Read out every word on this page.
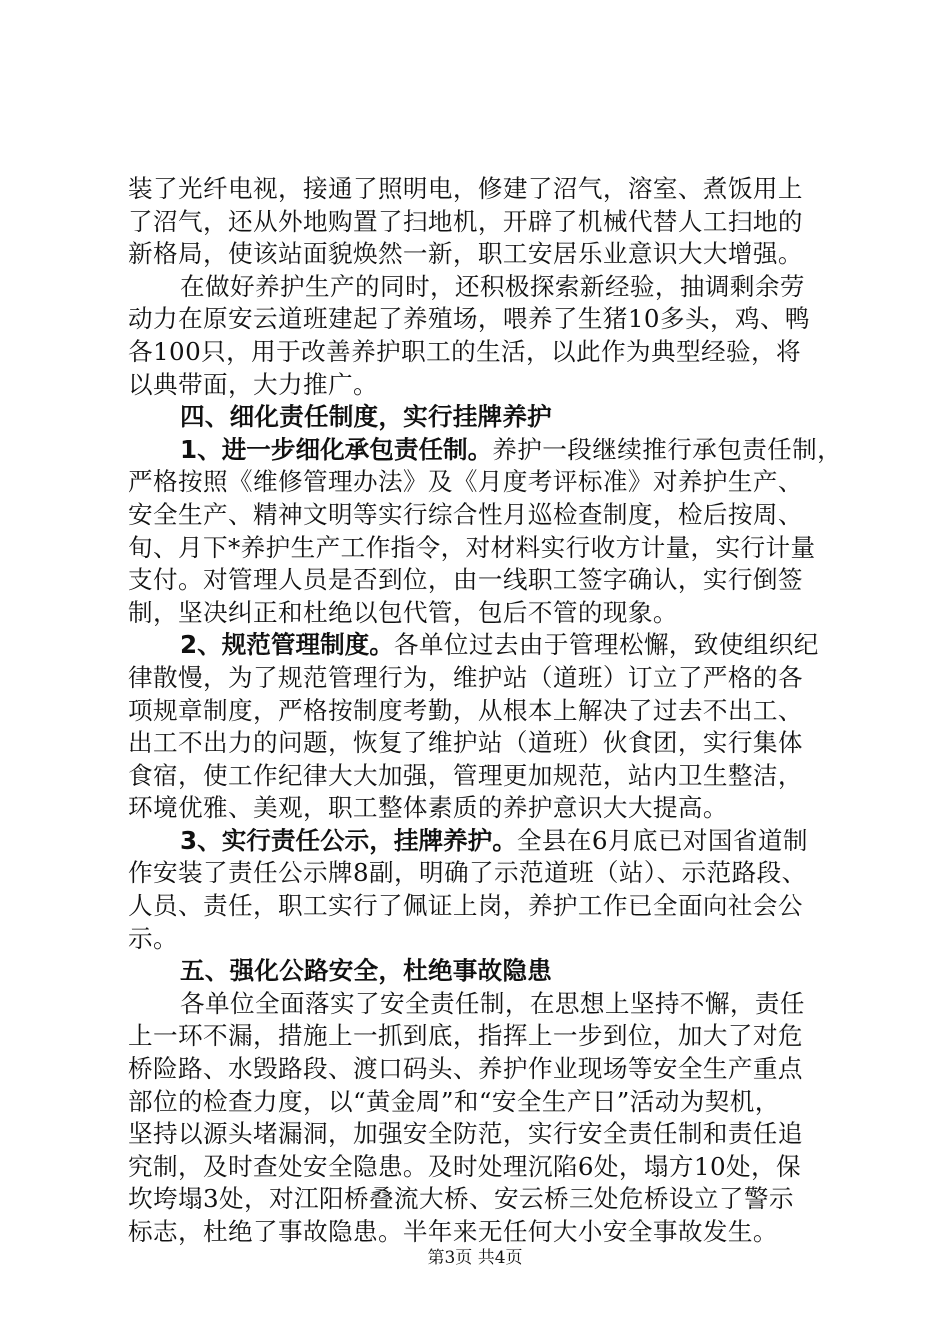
装了光纤电视，接通了照明电，修建了沼气，溶室、煮饭用上
了沼气，还从外地购置了扫地机，开辟了机械代替人工扫地的
新格局，使该站面貌焕然一新，职工安居乐业意识大大增强。
在做好养护生产的同时，还积极探索新经验，抽调剩余劳
动力在原安云道班建起了养殖场，喂养了生猪10多头，鸡、鸭
各100只，用于改善养护职工的生活，以此作为典型经验，将
以典带面，大力推广。
四、细化责任制度，实行挂牌养护
1、进一步细化承包责任制。养护一段继续推行承包责任制，
严格按照《维修管理办法》及《月度考评标准》对养护生产、
安全生产、精神文明等实行综合性月巡检查制度，检后按周、
旬、月下*养护生产工作指令，对材料实行收方计量，实行计量
支付。对管理人员是否到位，由一线职工签字确认，实行倒签
制，坚决纠正和杜绝以包代管，包后不管的现象。
2、规范管理制度。各单位过去由于管理松懈，致使组织纪
律散慢，为了规范管理行为，维护站（道班）订立了严格的各
项规章制度，严格按制度考勤，从根本上解决了过去不出工、
出工不出力的问题，恢复了维护站（道班）伙食团，实行集体
食宿，使工作纪律大大加强，管理更加规范，站内卫生整洁，
环境优雅、美观，职工整体素质的养护意识大大提高。
3、实行责任公示，挂牌养护。全县在6月底已对国省道制
作安装了责任公示牌8副，明确了示范道班（站）、示范路段、
人员、责任，职工实行了佩证上岗，养护工作已全面向社会公
示。
五、强化公路安全，杜绝事故隐患
各单位全面落实了安全责任制，在思想上坚持不懈，责任
上一环不漏，措施上一抓到底，指挥上一步到位，加大了对危
桥险路、水毁路段、渡口码头、养护作业现场等安全生产重点
部位的检查力度，以“黄金周”和“安全生产日”活动为契机，
坚持以源头堵漏洞，加强安全防范，实行安全责任制和责任追
究制，及时查处安全隐患。及时处理沉陷6处，塌方10处，保
坎垮塌3处，对江阳桥叠流大桥、安云桥三处危桥设立了警示
标志，杜绝了事故隐患。半年来无任何大小安全事故发生。
第3页 共4页
